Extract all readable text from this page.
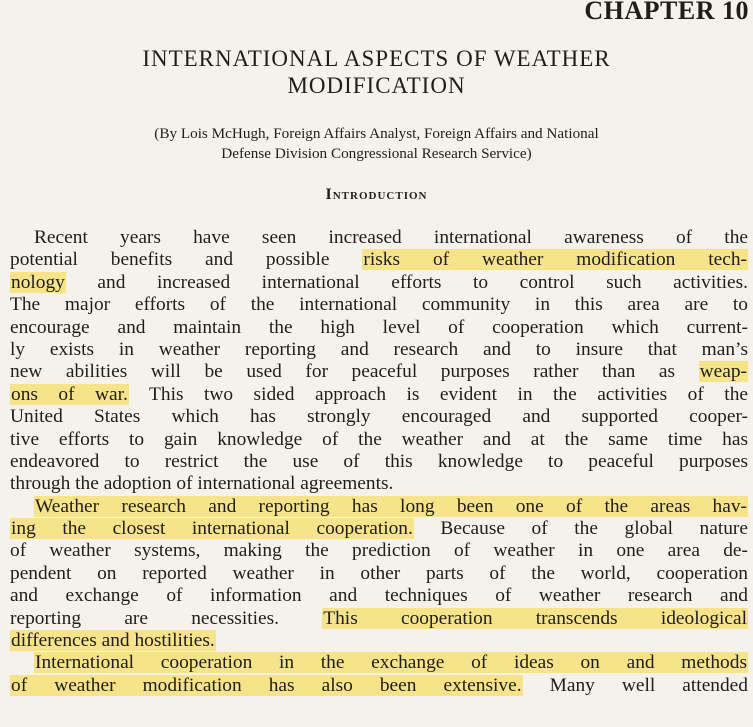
CHAPTER 10
INTERNATIONAL ASPECTS OF WEATHER
MODIFICATION

(By Lois McHugh, Foreign Affairs Analyst, Foreign Affairs and National
Defense Division Congressional Research Service)

Introduction
Recent years have seen increased international awareness of the
potential benefits and possible risks of weather modification tech-
nology and increased international efforts to control such activities.
The major efforts of the international community in this area are to
encourage and maintain the high level of cooperation which current-
ly exists in weather reporting and research and to insure that man’s
new abilities will be used for peaceful purposes rather than as weap-
ons of war. This two sided approach is evident in the activities of the
United States which has strongly encouraged and supported cooper-
tive efforts to gain knowledge of the weather and at the same time has
endeavored to restrict the use of this knowledge to peaceful purposes
through the adoption of international agreements.
Weather research and reporting has long been one of the areas hav-
ing the closest international cooperation. Because of the global nature
of weather systems, making the prediction of weather in one area de-
pendent on reported weather in other parts of the world, cooperation
and exchange of information and techniques of weather research and
reporting are necessities. This cooperation transcends ideological
differences and hostilities.
International cooperation in the exchange of ideas on and methods
of weather modification has also been extensive. Many well attended
